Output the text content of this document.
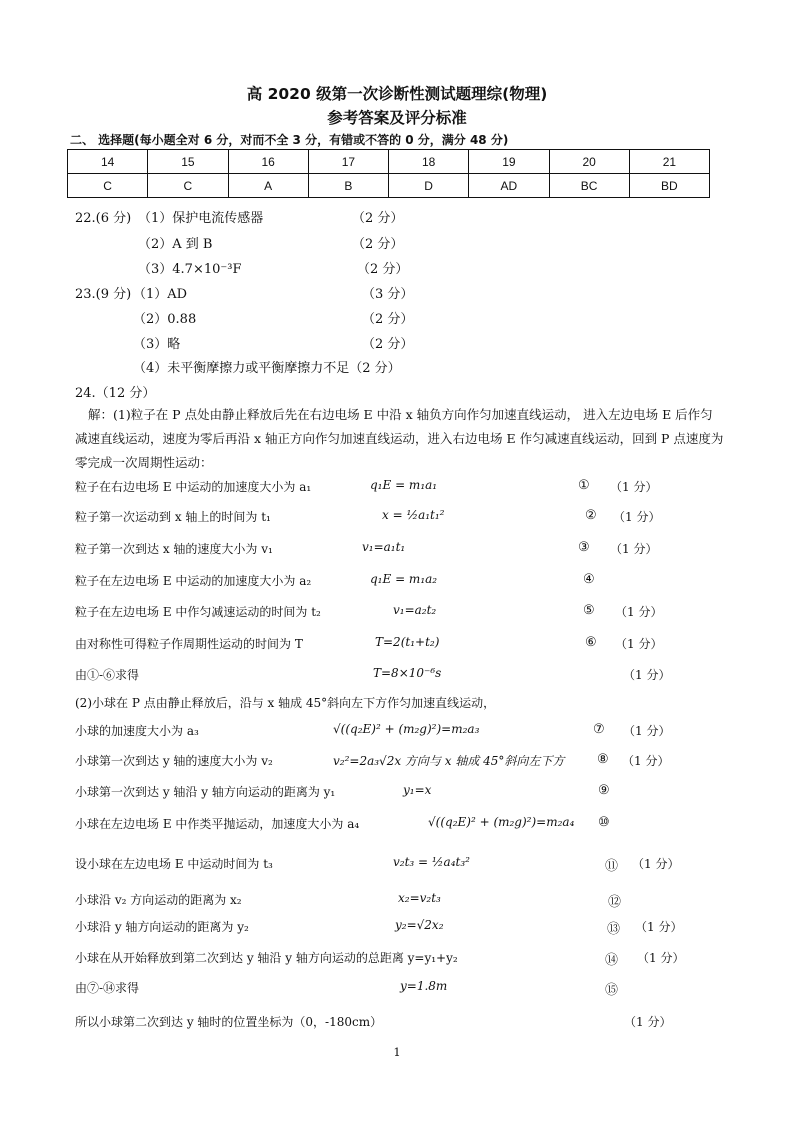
高 2020 级第一次诊断性测试题理综(物理)
参考答案及评分标准
二、 选择题(每小题全对 6 分，对而不全 3 分，有错或不答的 0 分，满分 48 分)
14	15	16	17	18	19	20	21
C	C	A	B	D	AD	BC	BD
22.(6 分) （1）保护电流传感器	（2 分）
（2）A 到 B	（2 分）
（3）4.7×10⁻³F	（2 分）
23.(9 分) （1）AD	（3 分）
（2）0.88	（2 分）
（3）略	（2 分）
（4）未平衡摩擦力或平衡摩擦力不足（2 分）
24.（12 分）
解：(1)粒子在 P 点处由静止释放后先在右边电场 E 中沿 x 轴负方向作匀加速直线运动， 进入左边电场 E 后作匀减速直线运动，速度为零后再沿 x 轴正方向作匀加速直线运动，进入右边电场 E 作匀减速直线运动，回到 P 点速度为零完成一次周期性运动：
粒子在右边电场 E 中运动的加速度大小为 a₁	q₁E = m₁a₁	① （1 分）
粒子第一次运动到 x 轴上的时间为 t₁	x = ½a₁t₁²	② （1 分）
粒子第一次到达 x 轴的速度大小为 v₁	v₁=a₁t₁	③ （1 分）
粒子在左边电场 E 中运动的加速度大小为 a₂	q₁E = m₁a₂	④
粒子在左边电场 E 中作匀减速运动的时间为 t₂	v₁=a₂t₂	⑤ （1 分）
由对称性可得粒子作周期性运动的时间为 T	T=2(t₁+t₂)	⑥ （1 分）
由①-⑥求得	T=8×10⁻⁶s	（1 分）
(2)小球在 P 点由静止释放后，沿与 x 轴成 45°斜向左下方作匀加速直线运动，
小球的加速度大小为 a₃	√((q₂E)² + (m₂g)²)=m₂a₃	⑦ （1 分）
小球第一次到达 y 轴的速度大小为 v₂	v₂²=2a₃√2x 方向与 x 轴成 45°斜向左下方	⑧ （1 分）
小球第一次到达 y 轴沿 y 轴方向运动的距离为 y₁	y₁=x	⑨
小球在左边电场 E 中作类平抛运动，加速度大小为 a₄	√((q₂E)² + (m₂g)²)=m₂a₄ ⑩
设小球在左边电场 E 中运动时间为 t₃	v₂t₃ = ½a₄t₃²	⑪ （1 分）
小球沿 v₂ 方向运动的距离为 x₂	x₂=v₂t₃	⑫
小球沿 y 轴方向运动的距离为 y₂	y₂=√2x₂	⑬ （1 分）
小球在从开始释放到第二次到达 y 轴沿 y 轴方向运动的总距离 y=y₁+y₂	⑭ （1 分）
由⑦-⑭求得	y=1.8m	⑮
所以小球第二次到达 y 轴时的位置坐标为（0，-180cm）	（1 分）
1
